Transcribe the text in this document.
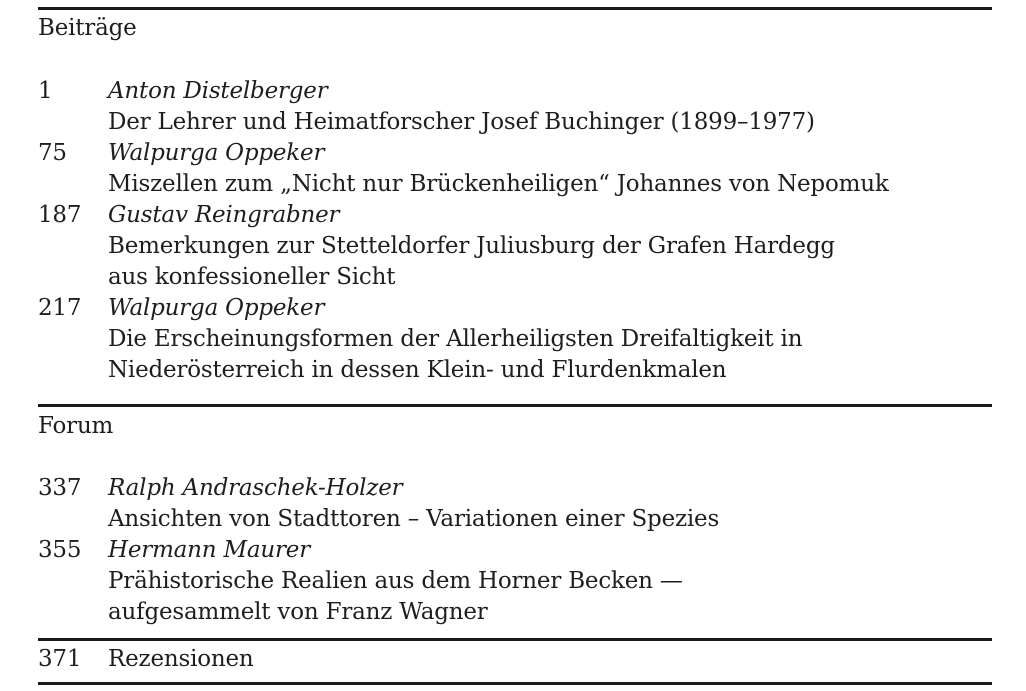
Beiträge
1 Anton Distelberger
Der Lehrer und Heimatforscher Josef Buchinger (1899–1977)
75 Walpurga Oppeker
Miszellen zum „Nicht nur Brückenheiligen“ Johannes von Nepomuk
187 Gustav Reingrabner
Bemerkungen zur Stetteldorfer Juliusburg der Grafen Hardegg
aus konfessioneller Sicht
217 Walpurga Oppeker
Die Erscheinungsformen der Allerheiligsten Dreifaltigkeit in
Niederösterreich in dessen Klein- und Flurdenkmalen
Forum
337 Ralph Andraschek-Holzer
Ansichten von Stadttoren – Variationen einer Spezies
355 Hermann Maurer
Prähistorische Realien aus dem Horner Becken —
aufgesammelt von Franz Wagner
371 Rezensionen
